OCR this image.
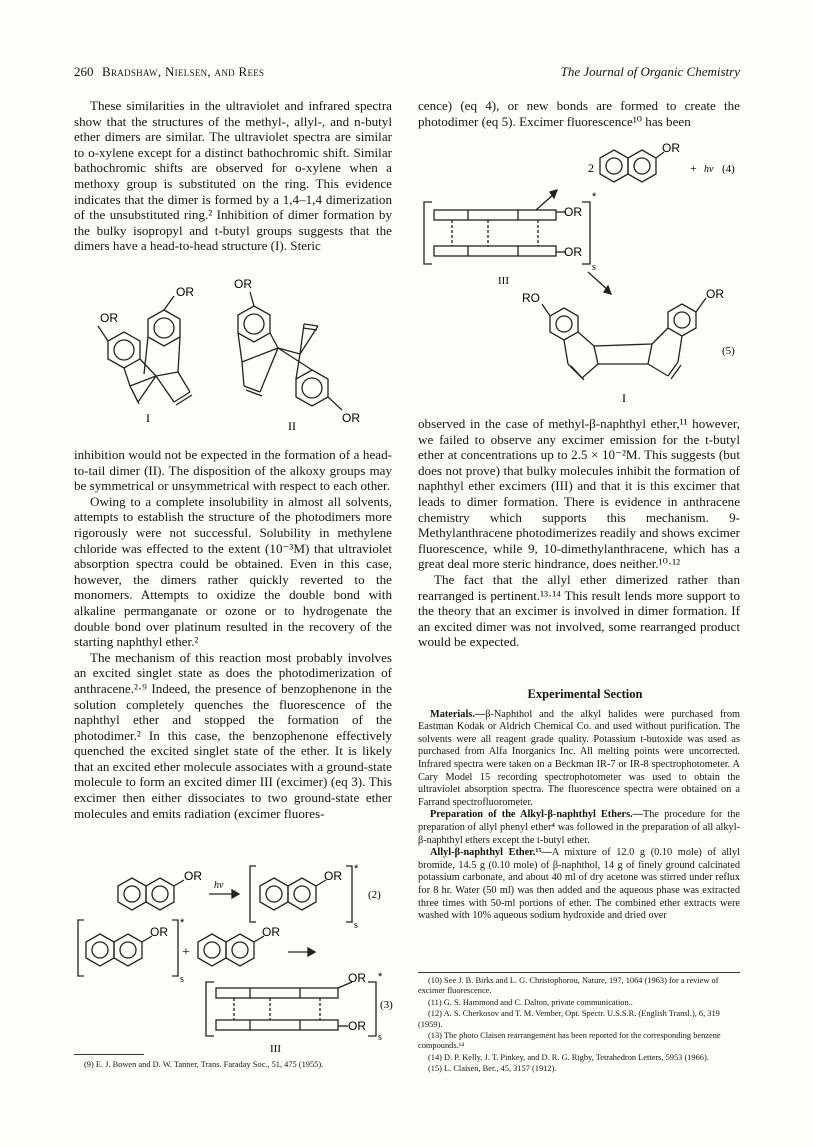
260 Bradshaw, Nielsen, and Rees	The Journal of Organic Chemistry

These similarities in the ultraviolet and infrared spectra show that the structures of the methyl-, allyl-, and n-butyl ether dimers are similar. The ultraviolet spectra are similar to o-xylene except for a distinct bathochromic shift. Similar bathochromic shifts are observed for o-xylene when a methoxy group is substituted on the ring. This evidence indicates that the dimer is formed by a 1,4–1,4 dimerization of the unsubstituted ring.² Inhibition of dimer formation by the bulky isopropyl and t-butyl groups suggests that the dimers have a head-to-head structure (I). Steric

OR
OR
OR
OR
I
II

inhibition would not be expected in the formation of a head-to-tail dimer (II). The disposition of the alkoxy groups may be symmetrical or unsymmetrical with respect to each other.

Owing to a complete insolubility in almost all solvents, attempts to establish the structure of the photodimers more rigorously were not successful. Solubility in methylene chloride was effected to the extent (10⁻³M) that ultraviolet absorption spectra could be obtained. Even in this case, however, the dimers rather quickly reverted to the monomers. Attempts to oxidize the double bond with alkaline permanganate or ozone or to hydrogenate the double bond over platinum resulted in the recovery of the starting naphthyl ether.²

The mechanism of this reaction most probably involves an excited singlet state as does the photodimerization of anthracene.²·⁹ Indeed, the presence of benzophenone in the solution completely quenches the fluorescence of the naphthyl ether and stopped the formation of the photodimer.² In this case, the benzophenone effectively quenched the excited singlet state of the ether. It is likely that an excited ether molecule associates with a ground-state molecule to form an excited dimer III (excimer) (eq 3). This excimer then either dissociates to two ground-state ether molecules and emits radiation (excimer fluores-

OR
hν
OR *
s
(2)
OR
*
s
+
OR
OR *
OR
s
(3)
III

(9) E. J. Bowen and D. W. Tanner, Trans. Faraday Soc., 51, 475 (1955).

cence) (eq 4), or new bonds are formed to create the photodimer (eq 5). Excimer fluorescence¹⁰ has been

2
OR
+ hν (4)
OR
*
OR
s
III
RO	OR
(5)
I

observed in the case of methyl-β-naphthyl ether,¹¹ however, we failed to observe any excimer emission for the t-butyl ether at concentrations up to 2.5 × 10⁻²M. This suggests (but does not prove) that bulky molecules inhibit the formation of naphthyl ether excimers (III) and that it is this excimer that leads to dimer formation. There is evidence in anthracene chemistry which supports this mechanism. 9-Methylanthracene photodimerizes readily and shows excimer fluorescence, while 9, 10-dimethylanthracene, which has a great deal more steric hindrance, does neither.¹⁰·¹²

The fact that the allyl ether dimerized rather than rearranged is pertinent.¹³·¹⁴ This result lends more support to the theory that an excimer is involved in dimer formation. If an excited dimer was not involved, some rearranged product would be expected.

Experimental Section

Materials.—β-Naphthol and the alkyl halides were purchased from Eastman Kodak or Aldrich Chemical Co. and used without purification. The solvents were all reagent grade quality. Potassium t-butoxide was used as purchased from Alfa Inorganics Inc. All melting points were uncorrected. Infrared spectra were taken on a Beckman IR-7 or IR-8 spectrophotometer. A Cary Model 15 recording spectrophotometer was used to obtain the ultraviolet absorption spectra. The fluorescence spectra were obtained on a Farrand spectrofluorometer.

Preparation of the Alkyl-β-naphthyl Ethers.—The procedure for the preparation of allyl phenyl ether⁴ was followed in the preparation of all alkyl-β-naphthyl ethers except the t-butyl ether.

Allyl-β-naphthyl Ether.¹⁵—A mixture of 12.0 g (0.10 mole) of allyl bromide, 14.5 g (0.10 mole) of β-naphthol, 14 g of finely ground calcinated potassium carbonate, and about 40 ml of dry acetone was stirred under reflux for 8 hr. Water (50 ml) was then added and the aqueous phase was extracted three times with 50-ml portions of ether. The combined ether extracts were washed with 10% aqueous sodium hydroxide and dried over

(10) See J. B. Birks and L. G. Christophorou, Nature, 197, 1064 (1963) for a review of excimer fluorescence.

(11) G. S. Hammond and C. Dalton, private communication..

(12) A. S. Cherkosov and T. M. Vember, Opt. Spectr. U.S.S.R. (English Transl.), 6, 319 (1959).

(13) The photo Claisen rearrangement has been reported for the corresponding benzene compounds.¹⁴

(14) D. P. Kelly, J. T. Pinkey, and D. R. G. Rigby, Tetrahedron Letters, 5953 (1966).

(15) L. Claisen, Ber., 45, 3157 (1912).
